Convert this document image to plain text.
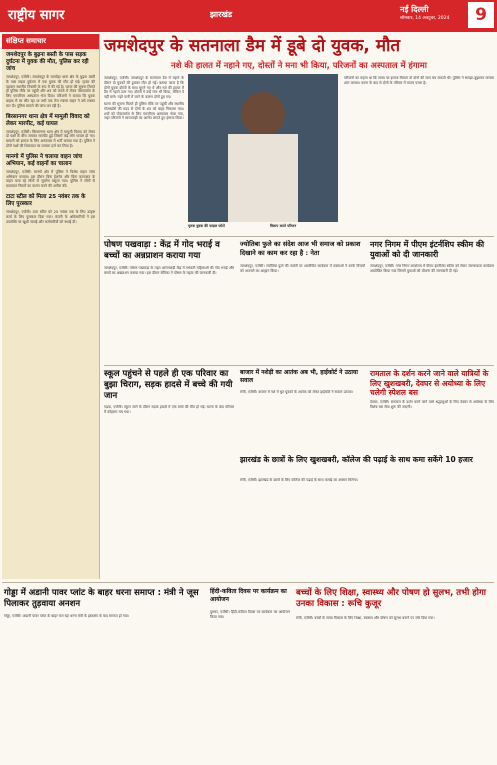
राष्ट्रीय सागर	झारखंड
नई दिल्ली
सोमवार, 14 अक्टूबर, 2024	9
संक्षिप्त समाचार
जमशेदपुर के बुढ़ना बस्ती के पास सड़क दुर्घटना में युवक की मौत, पुलिस कर रही जांच

जमशेदपुर, एजेंसी। जमशेदपुर के बागबेड़ा थाना क्षेत्र के बुढ़ना बस्ती के पास सड़क दुर्घटना में एक युवक की मौत हो गई। मृतक की पहचान स्थानीय निवासी के रूप में की गई है। घटना की सूचना मिलते ही पुलिस मौके पर पहुंची और शव को कब्जे में लेकर पोस्टमार्टम के लिए एमजीएम अस्पताल भेज दिया। परिजनों ने बताया कि युवक बाइक से घर लौट रहा था तभी एक तेज रफ्तार वाहन ने उसे टक्कर मार दी। पुलिस मामले की जांच कर रही है।

बिरसानगर थाना क्षेत्र में मामूली विवाद को लेकर मारपीट, कई घायल

जमशेदपुर, एजेंसी। बिरसानगर थाना क्षेत्र में मामूली विवाद को लेकर दो पक्षों के बीच जमकर मारपीट हुई जिसमें कई लोग घायल हो गए। घायलों को इलाज के लिए अस्पताल में भर्ती कराया गया है। पुलिस ने दोनों पक्षों की शिकायत पर मामला दर्ज कर लिया है।

मानगो में पुलिस ने चलाया वाहन जांच अभियान, कई वाहनों का चालान

जमशेदपुर, एजेंसी। मानगो क्षेत्र में पुलिस ने विशेष वाहन जांच अभियान चलाया। इस दौरान बिना हेलमेट और बिना कागजात के वाहन चला रहे लोगों से जुर्माना वसूला गया। पुलिस ने लोगों से यातायात नियमों का पालन करने की अपील की।

टाटा स्टील को मिला 25 नवंबर तक के लिए पुरस्कार

जमशेदपुर, एजेंसी। टाटा स्टील को 25 नवंबर तक के लिए उत्कृष्ट कार्य के लिए पुरस्कार दिया गया। कंपनी के अधिकारियों ने इस उपलब्धि पर खुशी जताई और कर्मचारियों को बधाई दी।

जमशेदपुर के सतनाला डैम में डूबे दो युवक, मौत
नशे की हालत में नहाने गए, दोस्तों ने मना भी किया, परिजनों का अस्पताल में हंगामा

जमशेदपुर, एजेंसी। जमशेदपुर के सतनाला डैम में नहाने के दौरान दो युवकों की डूबकर मौत हो गई। बताया जाता है कि दोनों युवक दोस्तों के साथ घूमने गए थे और नशे की हालत में डैम में नहाने उतर गए। दोस्तों ने उन्हें मना भी किया, लेकिन वे नहीं माने। गहरे पानी में जाने के कारण दोनों डूब गए।

घटना की सूचना मिलते ही पुलिस मौके पर पहुंची और स्थानीय गोताखोरों की मदद से दोनों के शव को बाहर निकाला गया। शवों को पोस्टमार्टम के लिए एमजीएम अस्पताल भेजा गया, जहां परिजनों ने लापरवाही का आरोप लगाते हुए हंगामा किया।

मृतक युवक की फाइल फोटो	विलाप करते परिजन
परिजनों का कहना था कि समय पर इलाज मिलता तो दोनों की जान बच सकती थी। पुलिस ने समझा-बुझाकर मामला शांत कराया। घटना के बाद से दोनों के परिवार में मातम पसरा है।
पोषण पखवाड़ा : केंद्र में गोद भराई व बच्चों का अन्नप्राशन कराया गया
जमशेदपुर, एजेंसी। पोषण पखवाड़ा के तहत आंगनबाड़ी केंद्र में गर्भवती महिलाओं की गोद भराई और बच्चों का अन्नप्राशन कराया गया। इस दौरान सेविका ने पोषण के महत्व की जानकारी दी।
ज्योतिबा फुले का संदेश आज भी समाज को प्रकाश दिखाने का काम कर रहा है : नेता
जमशेदपुर, एजेंसी। ज्योतिबा फुले की जयंती पर आयोजित कार्यक्रम में वक्ताओं ने उनके विचारों को अपनाने का आह्वान किया।
नगर निगम में पीएम इंटर्नशिप स्कीम की युवाओं को दी जानकारी
जमशेदपुर, एजेंसी। नगर निगम कार्यालय में पीएम इंटर्नशिप स्कीम को लेकर जागरूकता कार्यक्रम आयोजित किया गया जिसमें युवाओं को योजना की जानकारी दी गई।
स्कूल पहुंचने से पहले ही एक परिवार का बुझा चिराग, सड़क हादसे में बच्चे की गयी जान
गढ़वा, एजेंसी। स्कूल जाने के दौरान सड़क हादसे में एक बच्चे की मौत हो गई। घटना के बाद परिवार में कोहराम मच गया।
बाजार में नशेड़ी का आतंक अब भी, हाईकोर्ट ने उठाया सवाल
रांची, एजेंसी। बाजार में नशे में धुत युवकों के आतंक को लेकर हाईकोर्ट ने सवाल उठाया।
रामताल के दर्शन करने जाने वाले यात्रियों के लिए खुशखबरी, देवघर से अयोध्या के लिए चलेगी स्पेशल बस
देवघर, एजेंसी। रामताल के दर्शन करने जाने वाले श्रद्धालुओं के लिए देवघर से अयोध्या के लिए विशेष बस सेवा शुरू की जाएगी।
झारखंड के छात्रों के लिए खुशखबरी, कॉलेज की पढ़ाई के साथ कमा सकेंगे 10 हजार
रांची, एजेंसी। झारखंड के छात्रों के लिए कॉलेज की पढ़ाई के साथ कमाई का अवसर मिलेगा।
गोड्डा में अडानी पावर प्लांट के बाहर धरना समाप्त : मंत्री ने जूस पिलाकर तुड़वाया अनशन
गोड्डा, एजेंसी। अडानी पावर प्लांट के बाहर चल रहा धरना मंत्री के हस्तक्षेप के बाद समाप्त हो गया।
हिंदी-कविता दिवस पर कार्यक्रम का आयोजन
दुमका, एजेंसी। हिंदी-कविता दिवस पर कार्यक्रम का आयोजन किया गया।
बच्चों के लिए शिक्षा, स्वास्थ्य और पोषण हो सुलभ, तभी होगा उनका विकास : रूचि कुजूर
रांची, एजेंसी। बच्चों के समग्र विकास के लिए शिक्षा, स्वास्थ्य और पोषण को सुलभ बनाने पर जोर दिया गया।
